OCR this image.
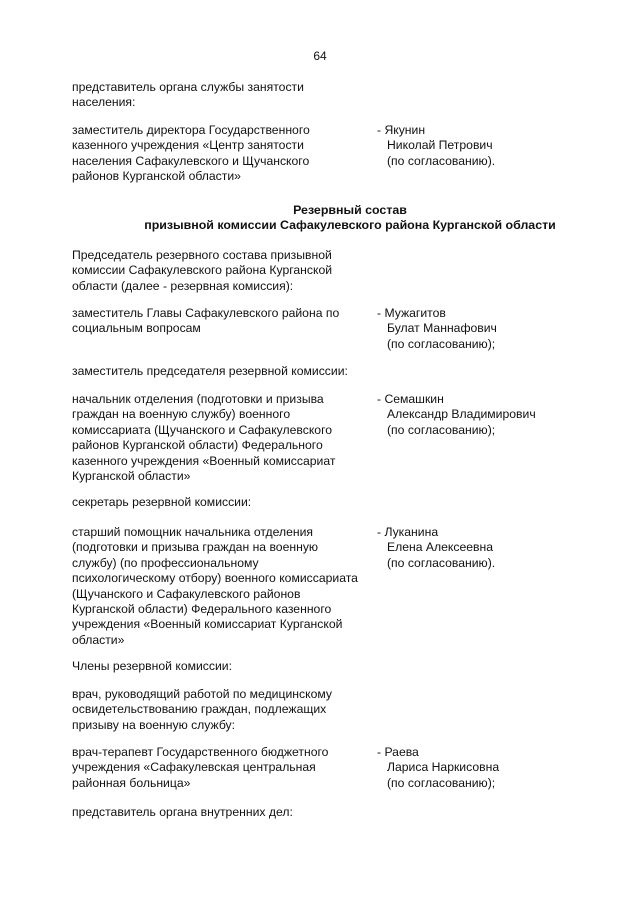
64
представитель органа службы занятости
населения:
заместитель директора Государственного
казенного учреждения «Центр занятости
населения Сафакулевского и Щучанского
районов Курганской области»
- Якунин
Николай Петрович
(по согласованию).
Резервный состав
призывной комиссии Сафакулевского района Курганской области
Председатель резервного состава призывной
комиссии Сафакулевского района Курганской
области (далее - резервная комиссия):
заместитель Главы Сафакулевского района по
социальным вопросам
- Мужагитов
Булат Маннафович
(по согласованию);
заместитель председателя резервной комиссии:
начальник отделения (подготовки и призыва
граждан на военную службу) военного
комиссариата (Щучанского и Сафакулевского
районов Курганской области) Федерального
казенного учреждения «Военный комиссариат
Курганской области»
- Семашкин
Александр Владимирович
(по согласованию);
секретарь резервной комиссии:
старший помощник начальника отделения
(подготовки и призыва граждан на военную
службу) (по профессиональному
психологическому отбору) военного комиссариата
(Щучанского и Сафакулевского районов
Курганской области) Федерального казенного
учреждения «Военный комиссариат Курганской
области»
- Луканина
Елена Алексеевна
(по согласованию).
Члены резервной комиссии:
врач, руководящий работой по медицинскому
освидетельствованию граждан, подлежащих
призыву на военную службу:
врач-терапевт Государственного бюджетного
учреждения «Сафакулевская центральная
районная больница»
- Раева
Лариса Наркисовна
(по согласованию);
представитель органа внутренних дел:
